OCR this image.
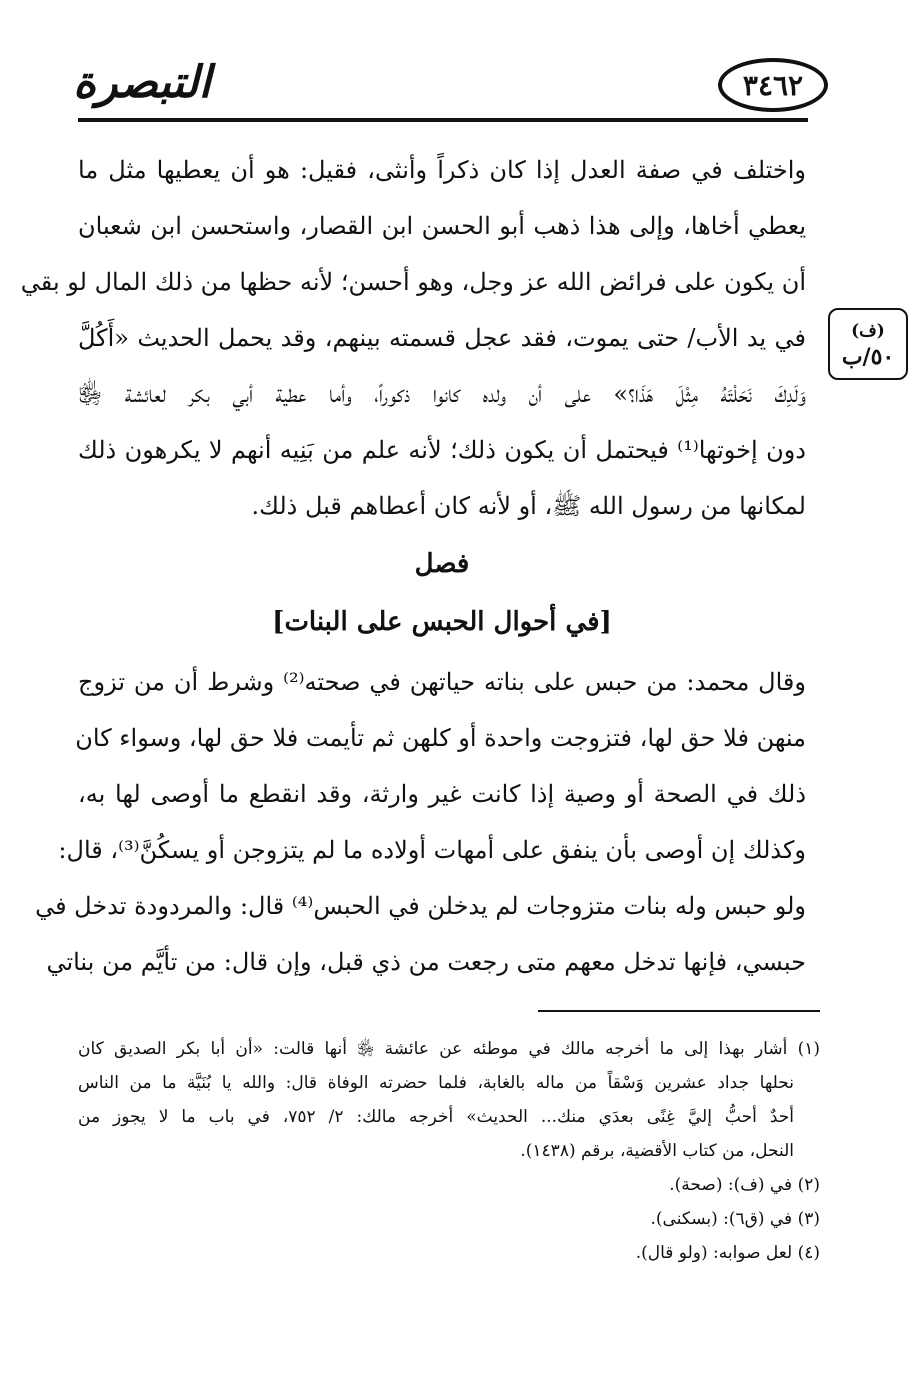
التبصرة	٣٤٦٢
(ف)
٥٠/ب
واختلف في صفة العدل إذا كان ذكراً وأنثى، فقيل: هو أن يعطيها مثل ما
يعطي أخاها، وإلى هذا ذهب أبو الحسن ابن القصار، واستحسن ابن شعبان
أن يكون على فرائض الله عز وجل، وهو أحسن؛ لأنه حظها من ذلك المال لو بقي
في يد الأب/ حتى يموت، فقد عجل قسمته بينهم، وقد يحمل الحديث «أَكُلَّ
وَلَدِكَ نَحَلْتَهُ مِثْلَ هَذَا؟» على أن ولده كانوا ذكوراً، وأما عطية أبي بكر لعائشة ﵂
دون إخوتها⁽¹⁾ فيحتمل أن يكون ذلك؛ لأنه علم من بَنِيه أنهم لا يكرهون ذلك
لمكانها من رسول الله ﷺ، أو لأنه كان أعطاهم قبل ذلك.
فصل
[في أحوال الحبس على البنات]
وقال محمد: من حبس على بناته حياتهن في صحته⁽²⁾ وشرط أن من تزوج
منهن فلا حق لها، فتزوجت واحدة أو كلهن ثم تأيمت فلا حق لها، وسواء كان
ذلك في الصحة أو وصية إذا كانت غير وارثة، وقد انقطع ما أوصى لها به،
وكذلك إن أوصى بأن ينفق على أمهات أولاده ما لم يتزوجن أو يسكُنَّ⁽³⁾، قال:
ولو حبس وله بنات متزوجات لم يدخلن في الحبس⁽⁴⁾ قال: والمردودة تدخل في
حبسي، فإنها تدخل معهم متى رجعت من ذي قبل، وإن قال: من تأيَّم من بناتي
(١) أشار بهذا إلى ما أخرجه مالك في موطئه عن عائشة ﵂ أنها قالت: «أن أبا بكر الصديق كان
نحلها جداد عشرين وَسْقاً من ماله بالغابة، فلما حضرته الوفاة قال: والله يا بُنَيَّة ما من الناس
أحدٌ أحبُّ إليَّ غِنًى بعدَي منك... الحديث» أخرجه مالك: ٢/ ٧٥٢، في باب ما لا يجوز من
النحل، من كتاب الأقضية، برقم (١٤٣٨).
(٢) في (ف): (صحة).
(٣) في (ق٦): (بسكنى).
(٤) لعل صوابه: (ولو قال).
